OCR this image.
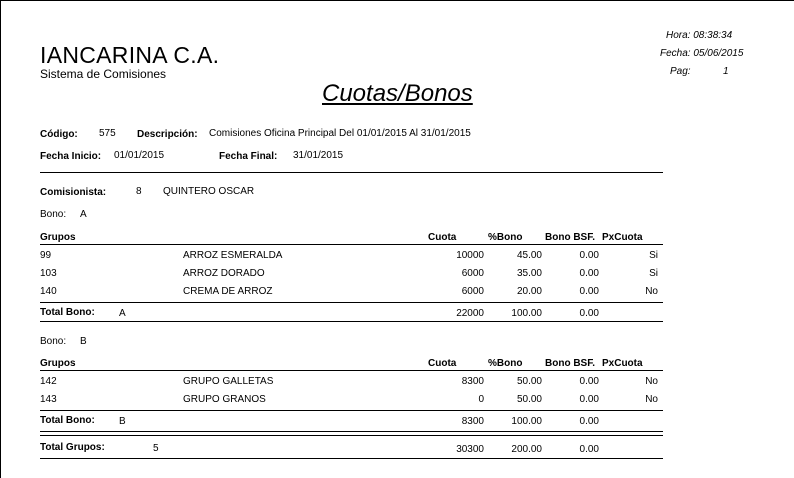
IANCARINA C.A.
Sistema de Comisiones
Cuotas/Bonos
Hora: 08:38:34
Fecha: 05/06/2015
Pag:	1
Código: 575 Descripción: Comisiones Oficina Principal Del 01/01/2015 Al 31/01/2015
Fecha Inicio: 01/01/2015	Fecha Final: 31/01/2015
Comisionista:	8 QUINTERO OSCAR
Bono: A
Grupos	Cuota	%Bono Bono BSF. PxCuota
99	ARROZ ESMERALDA	10000	45.00	0.00	Si
103	ARROZ DORADO	6000	35.00	0.00	Si
140	CREMA DE ARROZ	6000	20.00	0.00	No
Total Bono: A	22000	100.00	0.00
Bono: B
Grupos	Cuota	%Bono Bono BSF. PxCuota
142	GRUPO GALLETAS	8300	50.00	0.00	No
143	GRUPO GRANOS	0	50.00	0.00	No
Total Bono: B	8300	100.00	0.00
Total Grupos:	5	30300	200.00	0.00
